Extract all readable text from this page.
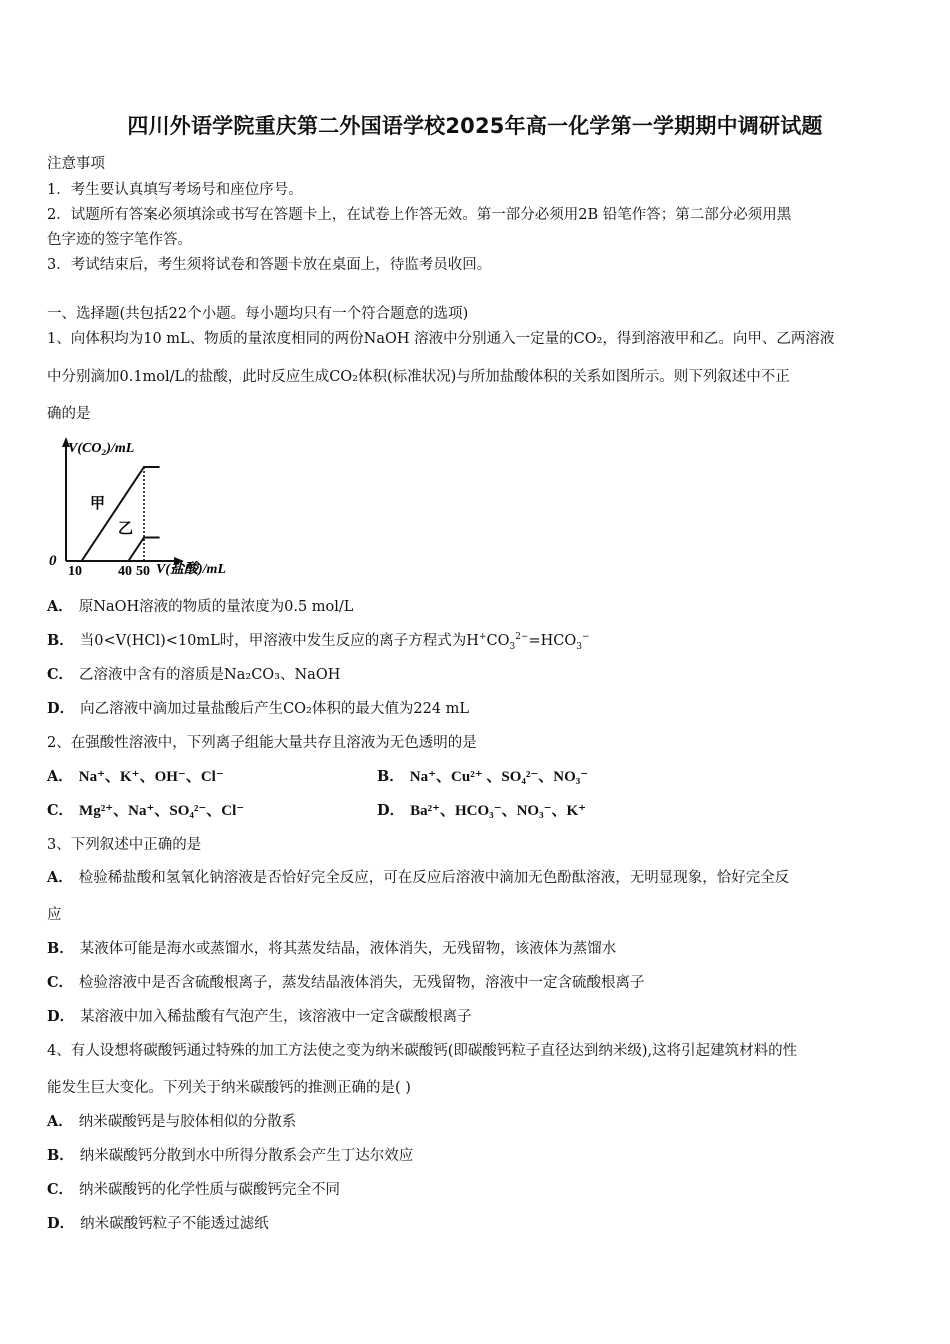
四川外语学院重庆第二外国语学校2025年高一化学第一学期期中调研试题
注意事项
1．考生要认真填写考场号和座位序号。
2．试题所有答案必须填涂或书写在答题卡上，在试卷上作答无效。第一部分必须用2B 铅笔作答；第二部分必须用黑
色字迹的签字笔作答。
3．考试结束后，考生须将试卷和答题卡放在桌面上，待监考员收回。
一、选择题(共包括22个小题。每小题均只有一个符合题意的选项)
1、向体积均为10 mL、物质的量浓度相同的两份NaOH 溶液中分别通入一定量的CO₂，得到溶液甲和乙。向甲、乙两溶液
中分别滴加0.1mol/L的盐酸，此时反应生成CO₂体积(标准状况)与所加盐酸体积的关系如图所示。则下列叙述中不正
确的是
V(CO₂)/mL
V(盐酸)/mL
0
10	40 50
甲
乙
A． 原NaOH溶液的物质的量浓度为0.5 mol/L
B． 当0<V(HCl)<10mL时，甲溶液中发生反应的离子方程式为$H^+CO_3^{2-}=HCO_3^-$
C． 乙溶液中含有的溶质是Na₂CO₃、NaOH
D． 向乙溶液中滴加过量盐酸后产生CO₂体积的最大值为224 mL
2、在强酸性溶液中，下列离子组能大量共存且溶液为无色透明的是
A． Na⁺、K⁺、OH⁻、Cl⁻	B． Na⁺、Cu²⁺ 、SO₄²⁻、NO₃⁻
C． Mg²⁺、Na⁺、SO₄²⁻、Cl⁻	D． Ba²⁺、HCO₃⁻、NO₃⁻、K⁺
3、下列叙述中正确的是
A． 检验稀盐酸和氢氧化钠溶液是否恰好完全反应，可在反应后溶液中滴加无色酚酞溶液，无明显现象，恰好完全反
应
B． 某液体可能是海水或蒸馏水，将其蒸发结晶，液体消失，无残留物，该液体为蒸馏水
C． 检验溶液中是否含硫酸根离子，蒸发结晶液体消失，无残留物，溶液中一定含硫酸根离子
D． 某溶液中加入稀盐酸有气泡产生，该溶液中一定含碳酸根离子
4、有人设想将碳酸钙通过特殊的加工方法使之变为纳米碳酸钙(即碳酸钙粒子直径达到纳米级),这将引起建筑材料的性
能发生巨大变化。下列关于纳米碳酸钙的推测正确的是( )
A． 纳米碳酸钙是与胶体相似的分散系
B． 纳米碳酸钙分散到水中所得分散系会产生丁达尔效应
C． 纳米碳酸钙的化学性质与碳酸钙完全不同
D． 纳米碳酸钙粒子不能透过滤纸
